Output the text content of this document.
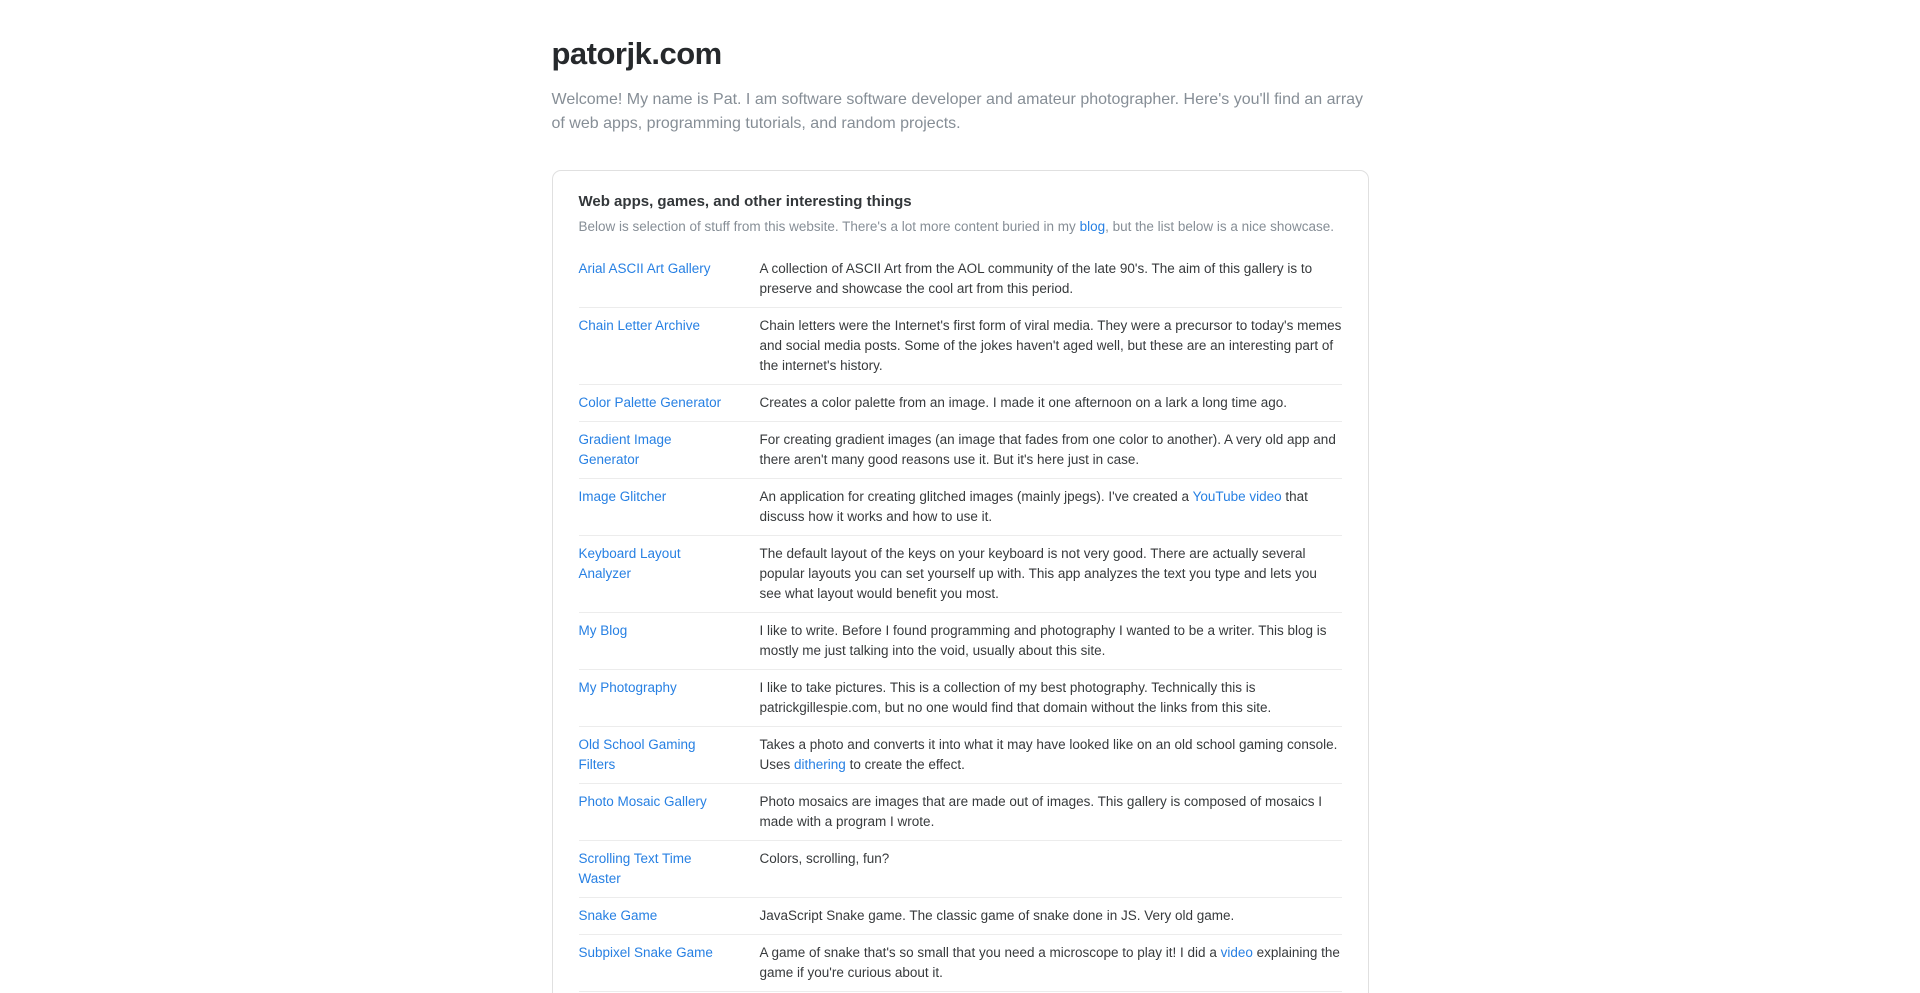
patorjk.com

Welcome! My name is Pat. I am software software developer and amateur photographer. Here's you'll find an array of web apps, programming tutorials, and random projects.

Web apps, games, and other interesting things

Below is selection of stuff from this website. There's a lot more content buried in my blog, but the list below is a nice showcase.

Arial ASCII Art Gallery	A collection of ASCII Art from the AOL community of the late 90's. The aim of this gallery is to preserve and showcase the cool art from this period.
Chain Letter Archive	Chain letters were the Internet's first form of viral media. They were a precursor to today's memes and social media posts. Some of the jokes haven't aged well, but these are an interesting part of the internet's history.
Color Palette Generator	Creates a color palette from an image. I made it one afternoon on a lark a long time ago.
Gradient Image Generator	For creating gradient images (an image that fades from one color to another). A very old app and there aren't many good reasons use it. But it's here just in case.
Image Glitcher	An application for creating glitched images (mainly jpegs). I've created a YouTube video that discuss how it works and how to use it.
Keyboard Layout Analyzer	The default layout of the keys on your keyboard is not very good. There are actually several popular layouts you can set yourself up with. This app analyzes the text you type and lets you see what layout would benefit you most.
My Blog	I like to write. Before I found programming and photography I wanted to be a writer. This blog is mostly me just talking into the void, usually about this site.
My Photography	I like to take pictures. This is a collection of my best photography. Technically this is patrickgillespie.com, but no one would find that domain without the links from this site.
Old School Gaming Filters	Takes a photo and converts it into what it may have looked like on an old school gaming console. Uses dithering to create the effect.
Photo Mosaic Gallery	Photo mosaics are images that are made out of images. This gallery is composed of mosaics I made with a program I wrote.
Scrolling Text Time Waster	Colors, scrolling, fun?
Snake Game	JavaScript Snake game. The classic game of snake done in JS. Very old game.
Subpixel Snake Game	A game of snake that's so small that you need a microscope to play it! I did a video explaining the game if you're curious about it.
